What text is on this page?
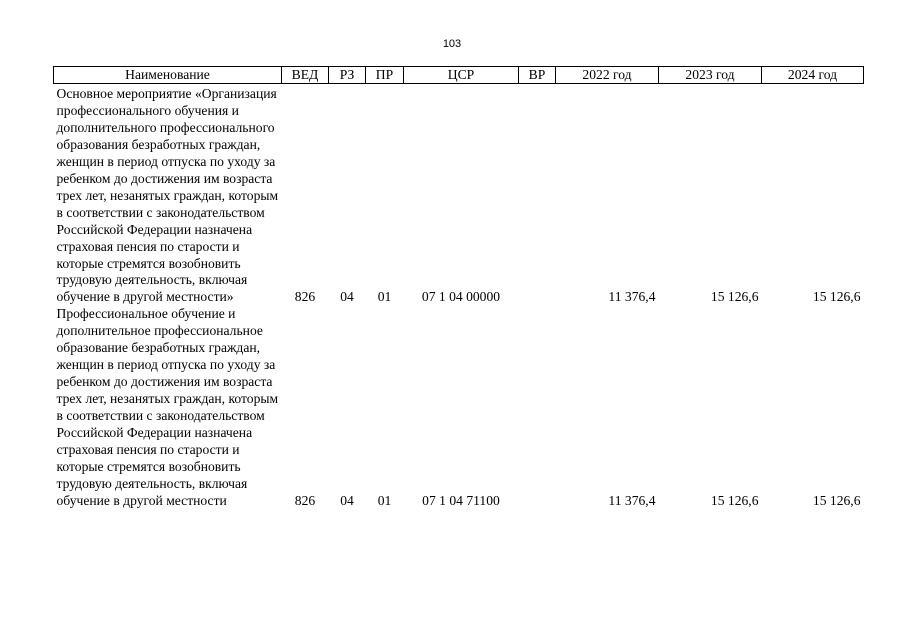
103
Наименование	ВЕД	РЗ	ПР	ЦСР	ВР	2022 год	2023 год	2024 год
Основное мероприятие «Организация профессионального обучения и дополнительного профессионального образования безработных граждан, женщин в период отпуска по уходу за ребенком до достижения им возраста трех лет, незанятых граждан, которым в соответствии с законодательством Российской Федерации назначена страховая пенсия по старости и которые стремятся возобновить трудовую деятельность, включая обучение в другой местности»	826	04	01	07 1 04 00000		11 376,4	15 126,6	15 126,6
Профессиональное обучение и дополнительное профессиональное образование безработных граждан, женщин в период отпуска по уходу за ребенком до достижения им возраста трех лет, незанятых граждан, которым в соответствии с законодательством Российской Федерации назначена страховая пенсия по старости и которые стремятся возобновить трудовую деятельность, включая обучение в другой местности	826	04	01	07 1 04 71100		11 376,4	15 126,6	15 126,6
